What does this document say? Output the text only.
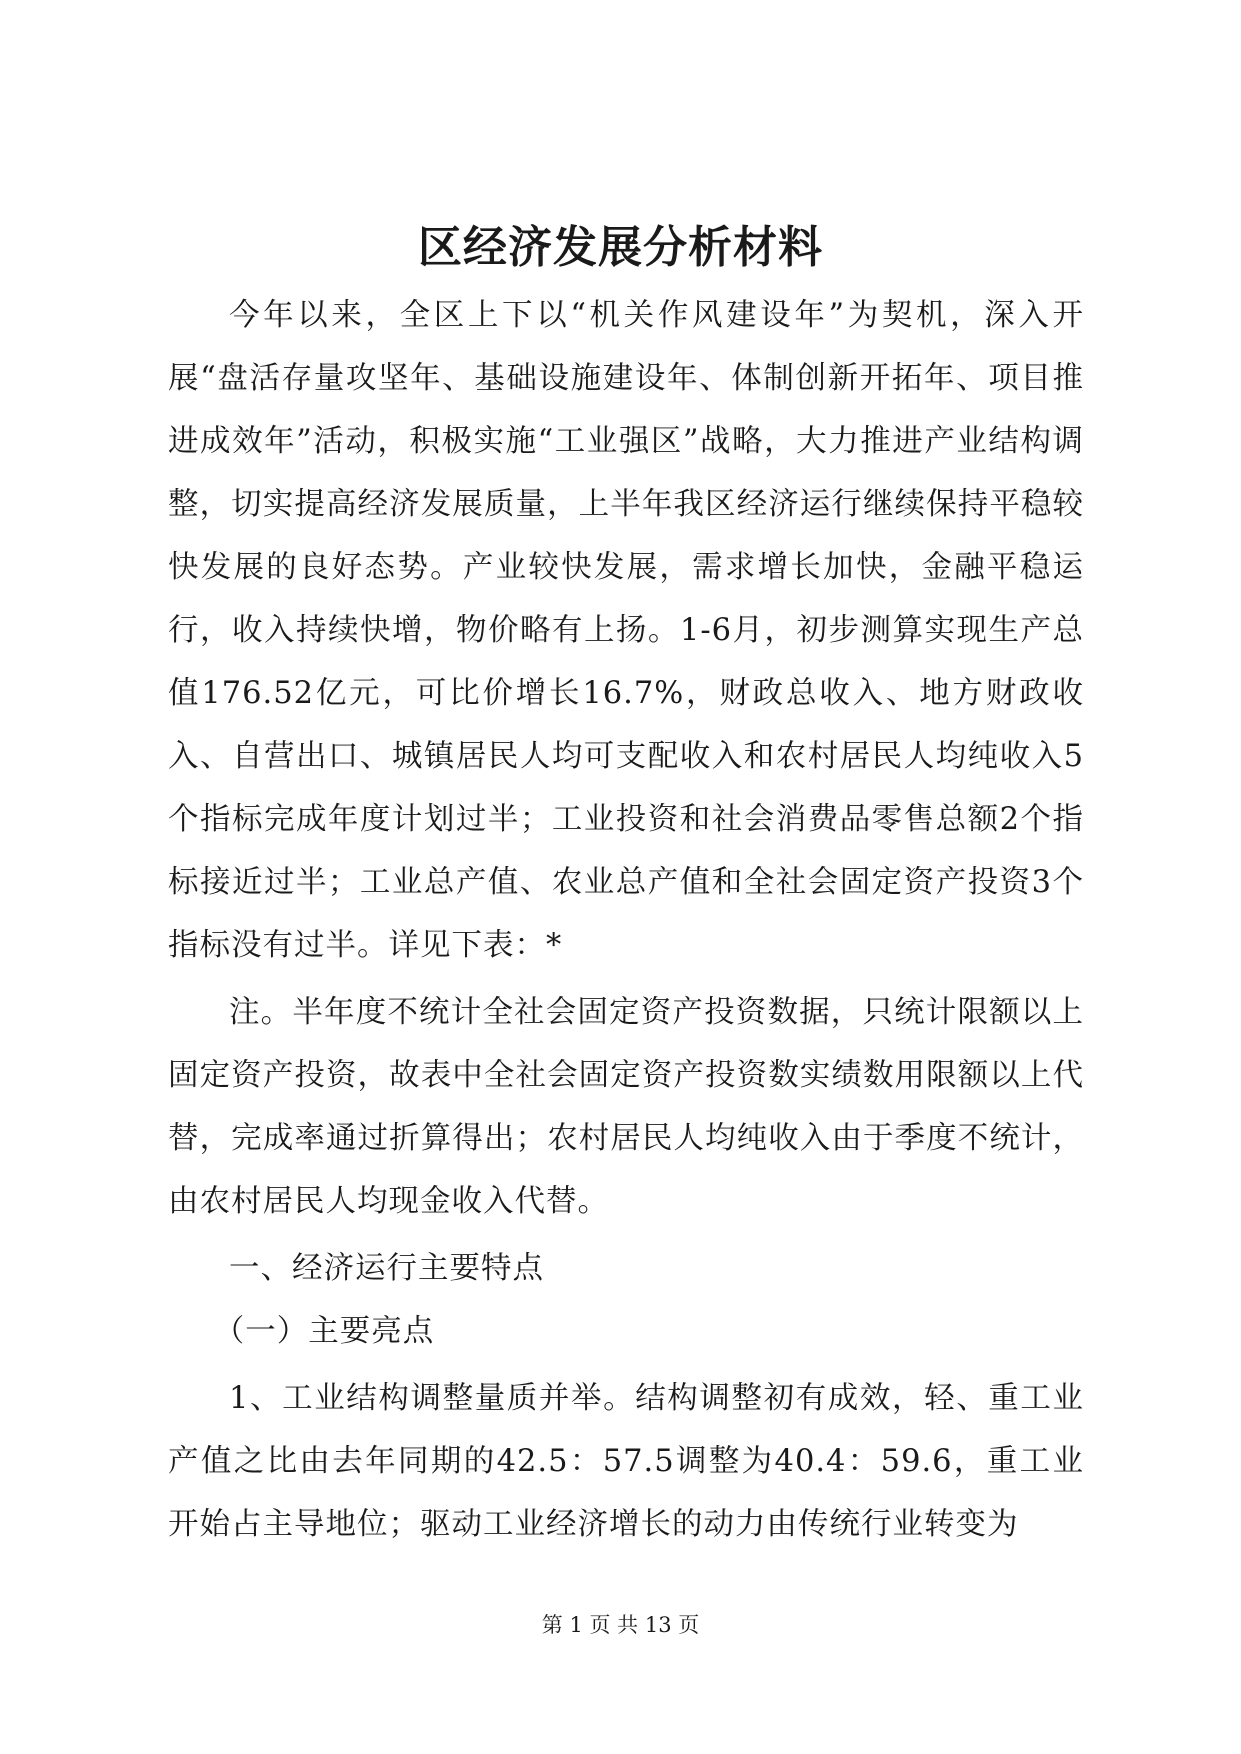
区经济发展分析材料

今年以来，全区上下以“机关作风建设年”为契机，深入开展“盘活存量攻坚年、基础设施建设年、体制创新开拓年、项目推进成效年”活动，积极实施“工业强区”战略，大力推进产业结构调整，切实提高经济发展质量，上半年我区经济运行继续保持平稳较快发展的良好态势。产业较快发展，需求增长加快，金融平稳运行，收入持续快增，物价略有上扬。1-6月，初步测算实现生产总值176.52亿元，可比价增长16.7%，财政总收入、地方财政收入、自营出口、城镇居民人均可支配收入和农村居民人均纯收入5个指标完成年度计划过半；工业投资和社会消费品零售总额2个指标接近过半；工业总产值、农业总产值和全社会固定资产投资3个指标没有过半。详见下表：*

注。半年度不统计全社会固定资产投资数据，只统计限额以上固定资产投资，故表中全社会固定资产投资数实绩数用限额以上代替，完成率通过折算得出；农村居民人均纯收入由于季度不统计，由农村居民人均现金收入代替。

一、经济运行主要特点

（一）主要亮点

1、工业结构调整量质并举。结构调整初有成效，轻、重工业产值之比由去年同期的42.5：57.5调整为40.4：59.6，重工业开始占主导地位；驱动工业经济增长的动力由传统行业转变为

第 1 页 共 13 页
